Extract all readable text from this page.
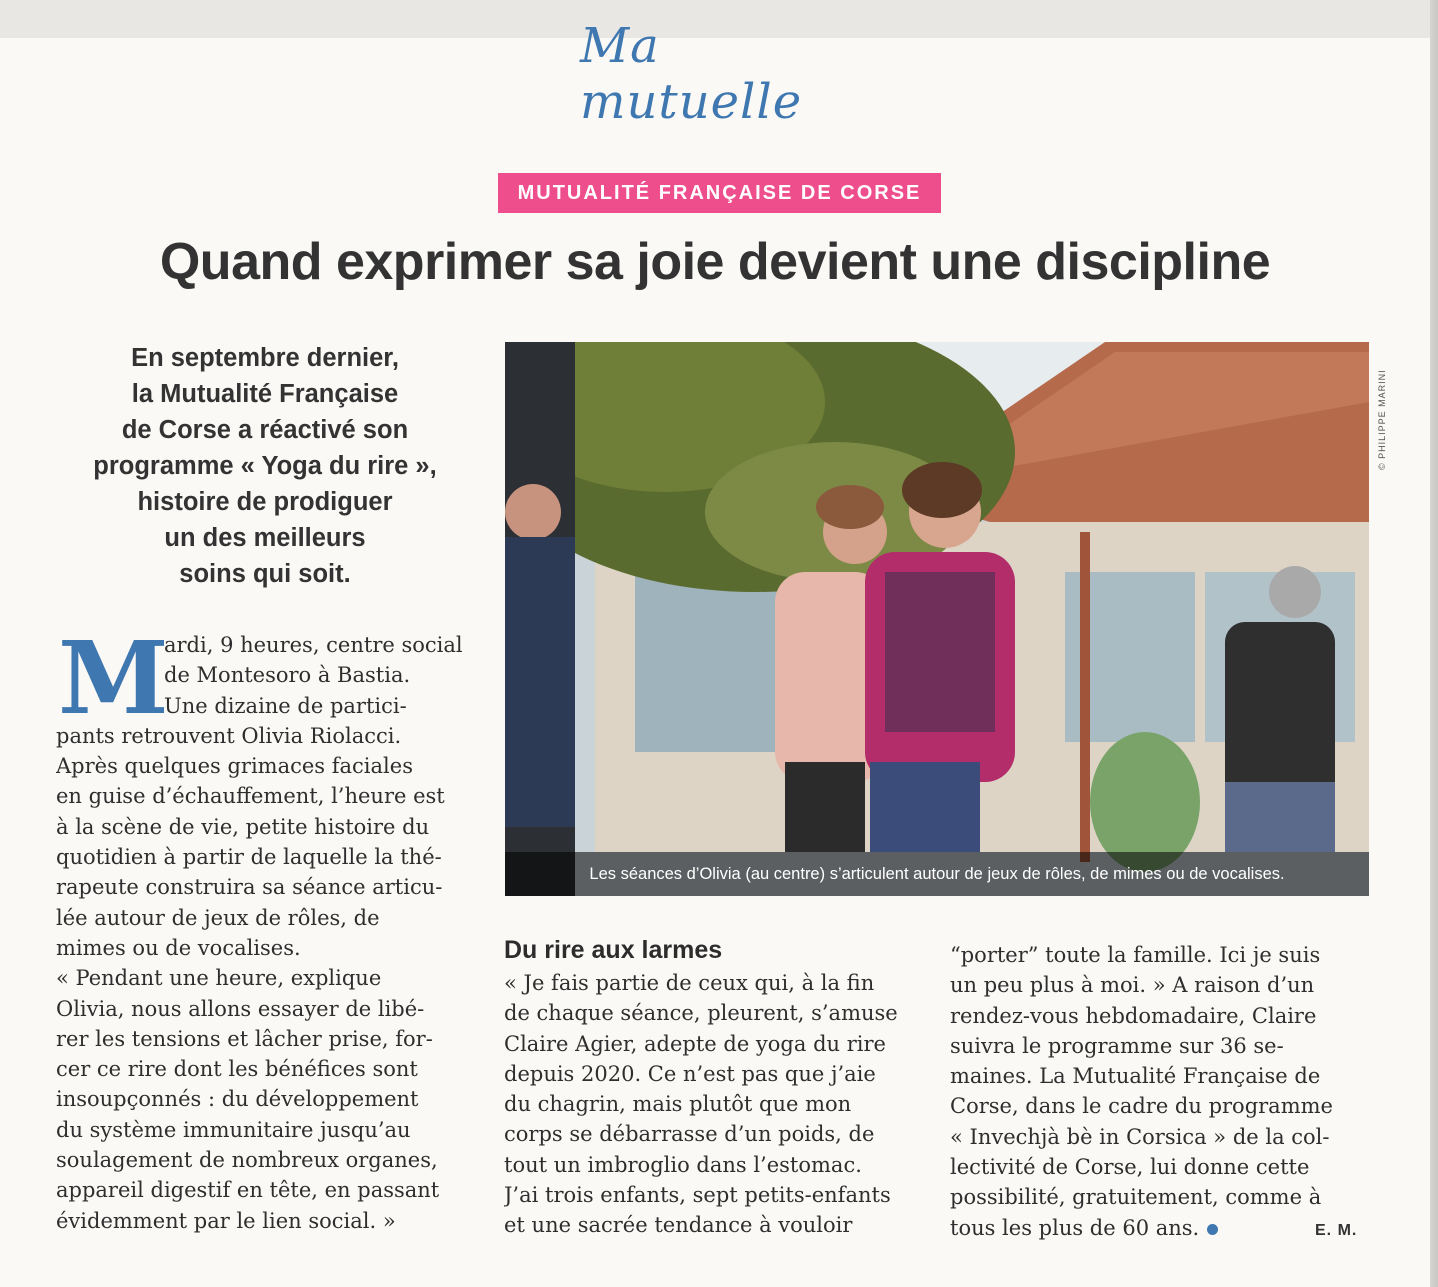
Ma mutuelle
MUTUALITÉ FRANÇAISE DE CORSE
Quand exprimer sa joie devient une discipline
En septembre dernier,
la Mutualité Française
de Corse a réactivé son
programme « Yoga du rire »,
histoire de prodiguer
un des meilleurs
soins qui soit.
Les séances d’Olivia (au centre) s’articulent autour de jeux de rôles, de mimes ou de vocalises.
© PHILIPPE MARINI
M
ardi, 9 heures, centre social
de Montesoro à Bastia.
Une dizaine de partici-
pants retrouvent Olivia Riolacci.
Après quelques grimaces faciales
en guise d’échauffement, l’heure est
à la scène de vie, petite histoire du
quotidien à partir de laquelle la thé-
rapeute construira sa séance articu-
lée autour de jeux de rôles, de
mimes ou de vocalises.
« Pendant une heure, explique
Olivia, nous allons essayer de libé-
rer les tensions et lâcher prise, for-
cer ce rire dont les bénéfices sont
insoupçonnés : du développement
du système immunitaire jusqu’au
soulagement de nombreux organes,
appareil digestif en tête, en passant
évidemment par le lien social. »
Du rire aux larmes
« Je fais partie de ceux qui, à la fin
de chaque séance, pleurent, s’amuse
Claire Agier, adepte de yoga du rire
depuis 2020. Ce n’est pas que j’aie
du chagrin, mais plutôt que mon
corps se débarrasse d’un poids, de
tout un imbroglio dans l’estomac.
J’ai trois enfants, sept petits-enfants
et une sacrée tendance à vouloir
“porter” toute la famille. Ici je suis
un peu plus à moi. » A raison d’un
rendez-vous hebdomadaire, Claire
suivra le programme sur 36 se-
maines. La Mutualité Française de
Corse, dans le cadre du programme
« Invechjà bè in Corsica » de la col-
lectivité de Corse, lui donne cette
possibilité, gratuitement, comme à
tous les plus de 60 ans.	E. M.
